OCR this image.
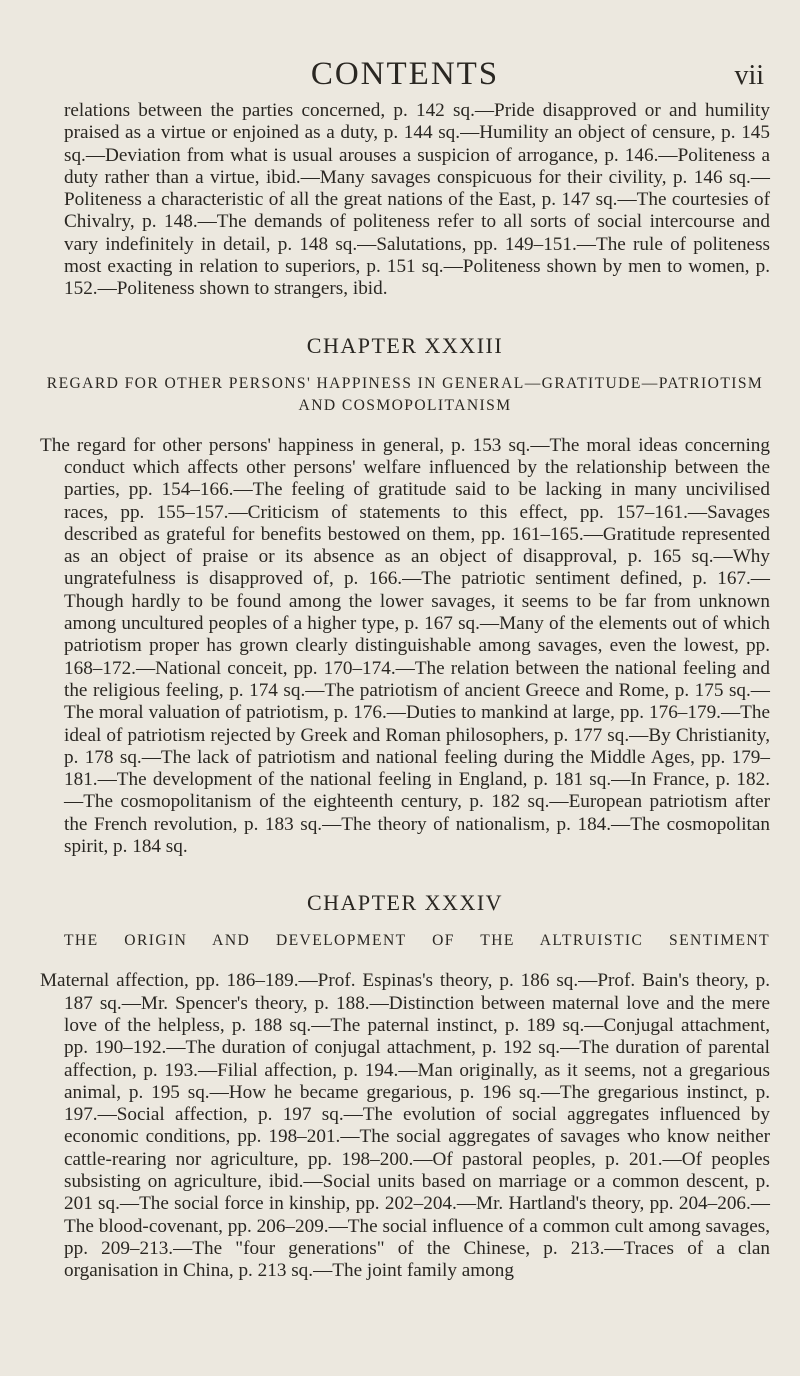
CONTENTS	vii

relations between the parties concerned, p. 142 sq.—Pride disapproved or and humility praised as a virtue or enjoined as a duty, p. 144 sq.—Humility an object of censure, p. 145 sq.—Deviation from what is usual arouses a suspicion of arrogance, p. 146.—Politeness a duty rather than a virtue, ibid.—Many savages conspicuous for their civility, p. 146 sq.—Politeness a characteristic of all the great nations of the East, p. 147 sq.—The courtesies of Chivalry, p. 148.—The demands of politeness refer to all sorts of social intercourse and vary indefinitely in detail, p. 148 sq.—Salutations, pp. 149–151.—The rule of politeness most exacting in relation to superiors, p. 151 sq.—Politeness shown by men to women, p. 152.—Politeness shown to strangers, ibid.

CHAPTER XXXIII
REGARD FOR OTHER PERSONS' HAPPINESS IN GENERAL—GRATITUDE—PATRIOTISM AND COSMOPOLITANISM

The regard for other persons' happiness in general, p. 153 sq.—The moral ideas concerning conduct which affects other persons' welfare influenced by the relationship between the parties, pp. 154–166.—The feeling of gratitude said to be lacking in many uncivilised races, pp. 155–157.—Criticism of statements to this effect, pp. 157–161.—Savages described as grateful for benefits bestowed on them, pp. 161–165.—Gratitude represented as an object of praise or its absence as an object of disapproval, p. 165 sq.—Why ungratefulness is disapproved of, p. 166.—The patriotic sentiment defined, p. 167.—Though hardly to be found among the lower savages, it seems to be far from unknown among uncultured peoples of a higher type, p. 167 sq.—Many of the elements out of which patriotism proper has grown clearly distinguishable among savages, even the lowest, pp. 168–172.—National conceit, pp. 170–174.—The relation between the national feeling and the religious feeling, p. 174 sq.—The patriotism of ancient Greece and Rome, p. 175 sq.—The moral valuation of patriotism, p. 176.—Duties to mankind at large, pp. 176–179.—The ideal of patriotism rejected by Greek and Roman philosophers, p. 177 sq.—By Christianity, p. 178 sq.—The lack of patriotism and national feeling during the Middle Ages, pp. 179–181.—The development of the national feeling in England, p. 181 sq.—In France, p. 182.—The cosmopolitanism of the eighteenth century, p. 182 sq.—European patriotism after the French revolution, p. 183 sq.—The theory of nationalism, p. 184.—The cosmopolitan spirit, p. 184 sq.

CHAPTER XXXIV
THE ORIGIN AND DEVELOPMENT OF THE ALTRUISTIC SENTIMENT

Maternal affection, pp. 186–189.—Prof. Espinas's theory, p. 186 sq.—Prof. Bain's theory, p. 187 sq.—Mr. Spencer's theory, p. 188.—Distinction between maternal love and the mere love of the helpless, p. 188 sq.—The paternal instinct, p. 189 sq.—Conjugal attachment, pp. 190–192.—The duration of conjugal attachment, p. 192 sq.—The duration of parental affection, p. 193.—Filial affection, p. 194.—Man originally, as it seems, not a gregarious animal, p. 195 sq.—How he became gregarious, p. 196 sq.—The gregarious instinct, p. 197.—Social affection, p. 197 sq.—The evolution of social aggregates influenced by economic conditions, pp. 198–201.—The social aggregates of savages who know neither cattle-rearing nor agriculture, pp. 198–200.—Of pastoral peoples, p. 201.—Of peoples subsisting on agriculture, ibid.—Social units based on marriage or a common descent, p. 201 sq.—The social force in kinship, pp. 202–204.—Mr. Hartland's theory, pp. 204–206.—The blood-covenant, pp. 206–209.—The social influence of a common cult among savages, pp. 209–213.—The "four generations" of the Chinese, p. 213.—Traces of a clan organisation in China, p. 213 sq.—The joint family among
